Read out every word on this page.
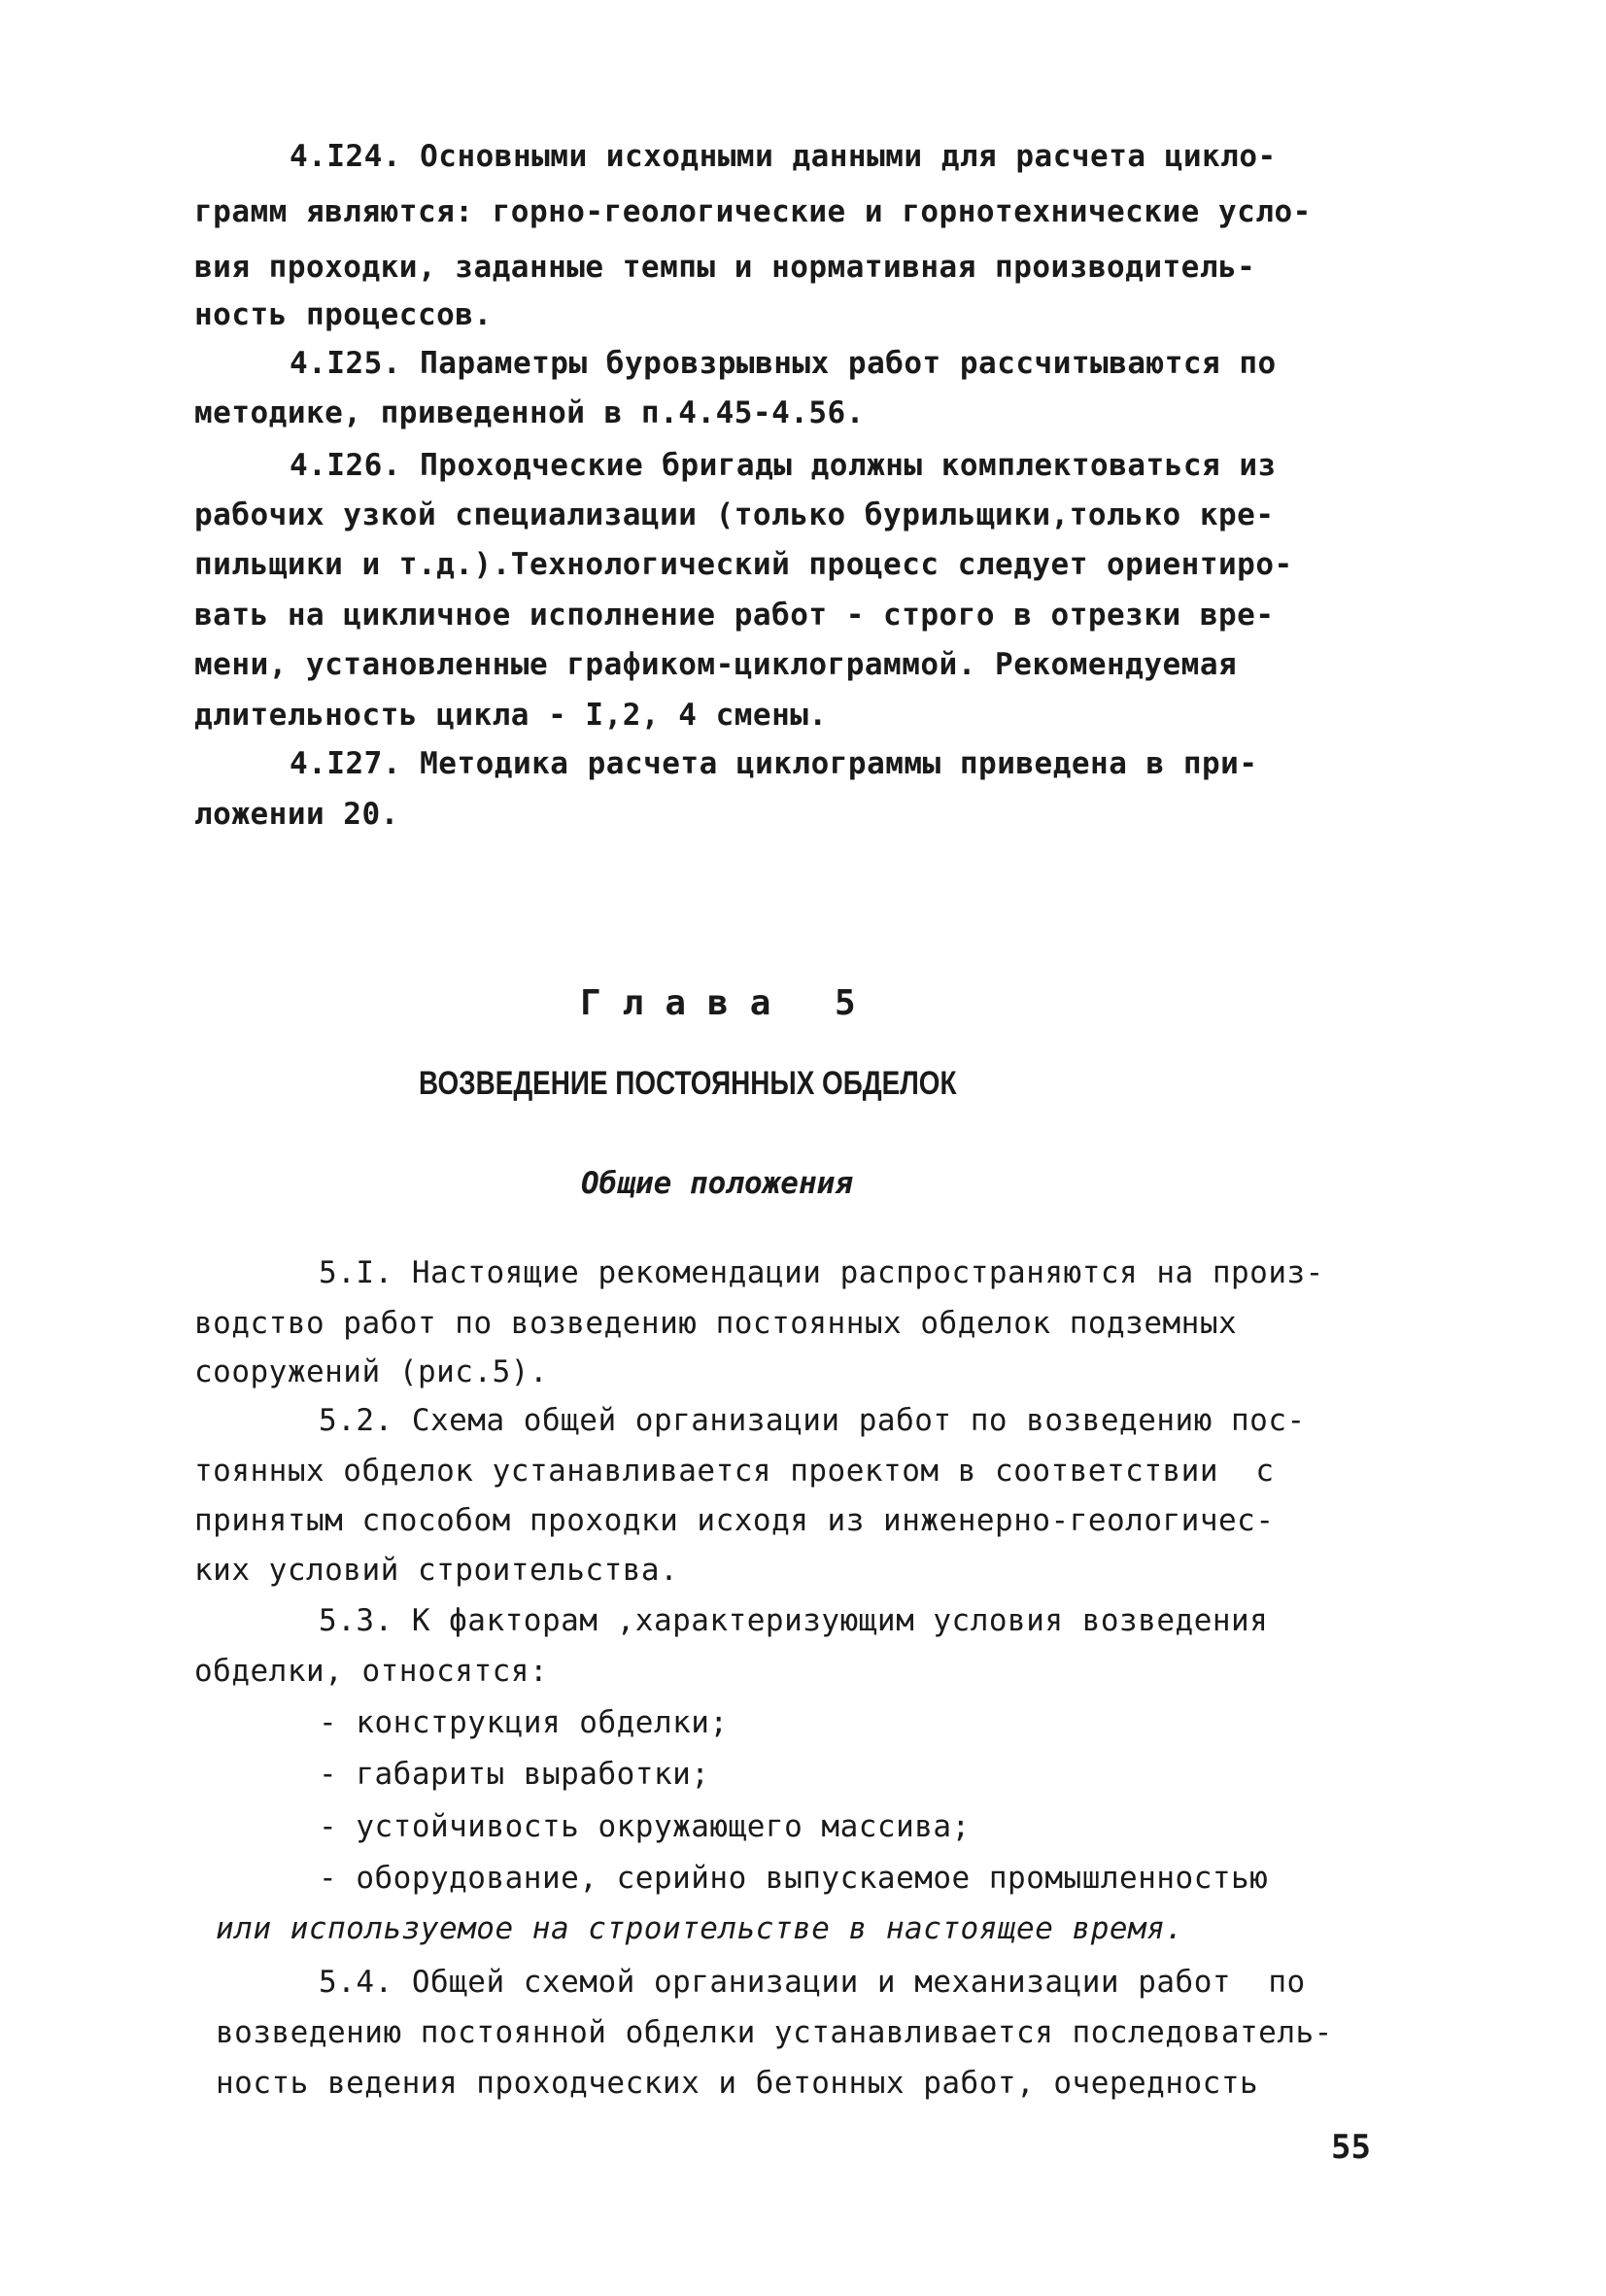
4.I24. Основными исходными данными для расчета цикло-
грамм являются: горно-геологические и горнотехнические усло-
вия проходки, заданные темпы и нормативная производитель-
ность процессов.
4.I25. Параметры буровзрывных работ рассчитываются по
методике, приведенной в п.4.45-4.56.
4.I26. Проходческие бригады должны комплектоваться из
рабочих узкой специализации (только бурильщики,только кре-
пильщики и т.д.).Технологический процесс следует ориентиро-
вать на цикличное исполнение работ - строго в отрезки вре-
мени, установленные графиком-циклограммой. Рекомендуемая
длительность цикла - I,2, 4 смены.
4.I27. Методика расчета циклограммы приведена в при-
ложении 20.
Глава 5
ВОЗВЕДЕНИЕ ПОСТОЯННЫХ ОБДЕЛОК
Общие положения
5.I. Настоящие рекомендации распространяются на произ-
водство работ по возведению постоянных обделок подземных
сооружений (рис.5).
5.2. Схема общей организации работ по возведению пос-
тоянных обделок устанавливается проектом в соответствии  с
принятым способом проходки исходя из инженерно-геологичес-
ких условий строительства.
5.3. К факторам ,характеризующим условия возведения
обделки, относятся:
- конструкция обделки;
- габариты выработки;
- устойчивость окружающего массива;
- оборудование, серийно выпускаемое промышленностью
или используемое на строительстве в настоящее время.
5.4. Общей схемой организации и механизации работ  по
возведению постоянной обделки устанавливается последователь-
ность ведения проходческих и бетонных работ, очередность
55
